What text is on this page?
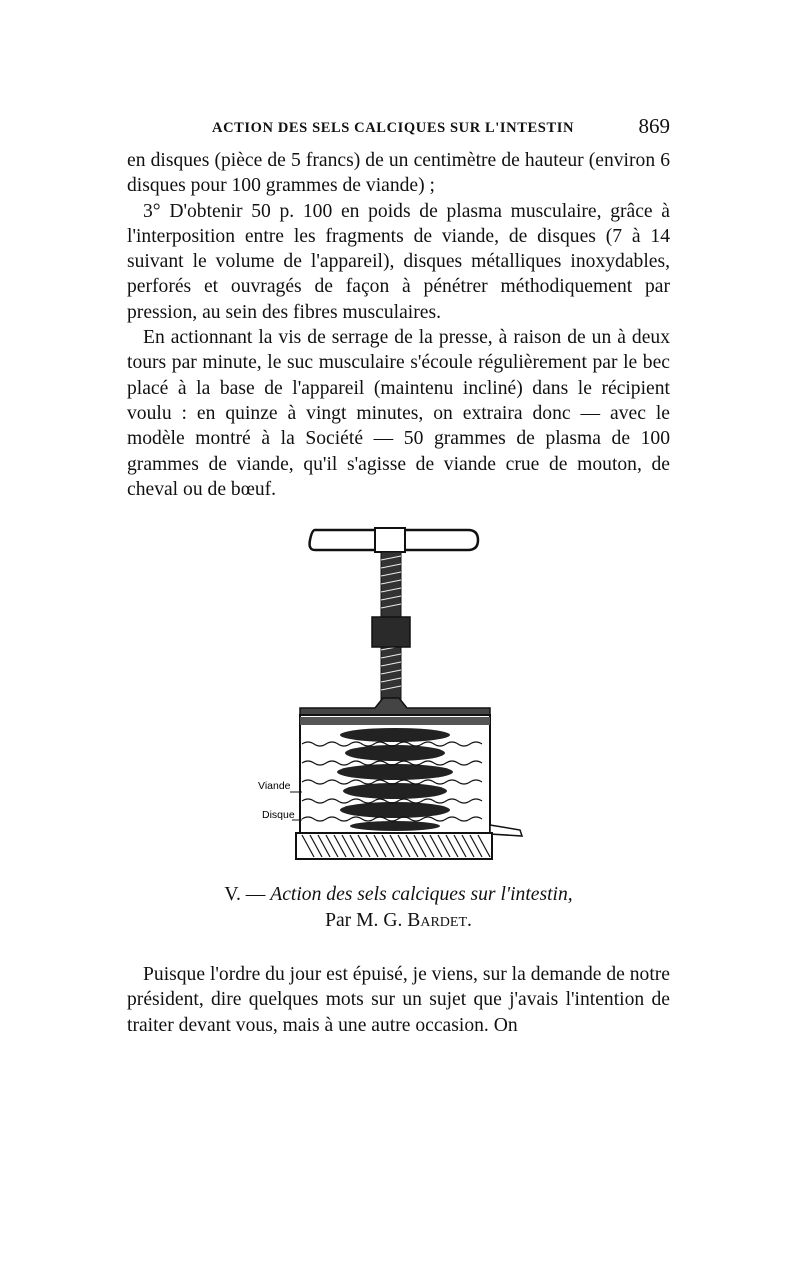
ACTION DES SELS CALCIQUES SUR L'INTESTIN	869

en disques (pièce de 5 francs) de un centimètre de hauteur (environ 6 disques pour 100 grammes de viande) ;

3° D'obtenir 50 p. 100 en poids de plasma musculaire, grâce à l'interposition entre les fragments de viande, de disques (7 à 14 suivant le volume de l'appareil), disques métalliques inoxydables, perforés et ouvragés de façon à pénétrer méthodiquement par pression, au sein des fibres musculaires.

En actionnant la vis de serrage de la presse, à raison de un à deux tours par minute, le suc musculaire s'écoule régulièrement par le bec placé à la base de l'appareil (maintenu incliné) dans le récipient voulu : en quinze à vingt minutes, on extraira donc — avec le modèle montré à la Société — 50 grammes de plasma de 100 grammes de viande, qu'il s'agisse de viande crue de mouton, de cheval ou de bœuf.

Viande
Disque
V. — Action des sels calciques sur l'intestin,
Par M. G. Bardet.

Puisque l'ordre du jour est épuisé, je viens, sur la demande de notre président, dire quelques mots sur un sujet que j'avais l'intention de traiter devant vous, mais à une autre occasion. On
